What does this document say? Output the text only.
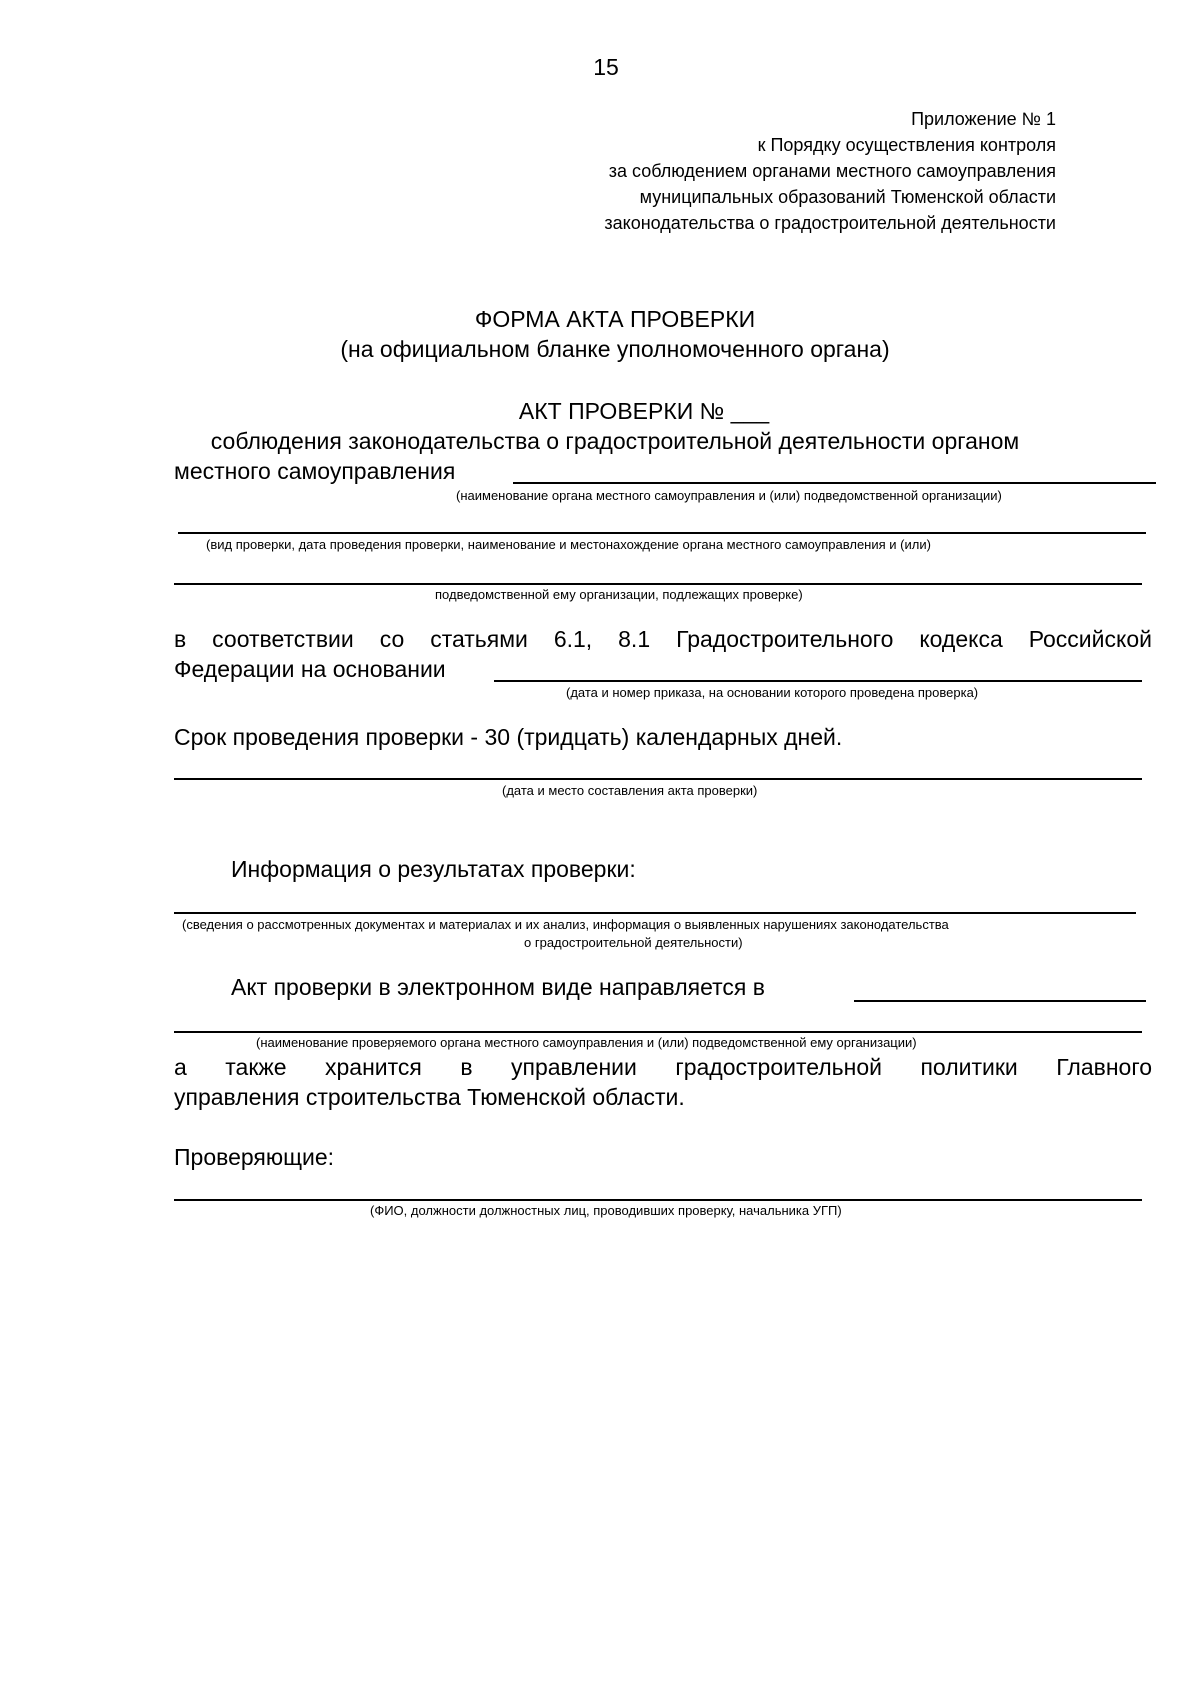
15
Приложение № 1
к Порядку осуществления контроля
за соблюдением органами местного самоуправления
муниципальных образований Тюменской области
законодательства о градостроительной деятельности
ФОРМА АКТА ПРОВЕРКИ
(на официальном бланке уполномоченного органа)
АКТ ПРОВЕРКИ № ___
соблюдения законодательства о градостроительной деятельности органом
местного самоуправления
(наименование органа местного самоуправления и (или) подведомственной организации)
(вид проверки, дата проведения проверки, наименование и местонахождение органа местного самоуправления и (или)
подведомственной ему организации, подлежащих проверке)
в соответствии со статьями 6.1, 8.1 Градостроительного кодекса Российской
Федерации на основании
(дата и номер приказа, на основании которого проведена проверка)
Срок проведения проверки - 30 (тридцать) календарных дней.
(дата и место составления акта проверки)
Информация о результатах проверки:
(сведения о рассмотренных документах и материалах и их анализ, информация о выявленных нарушениях законодательства
о градостроительной деятельности)
Акт проверки в электронном виде направляется в
(наименование проверяемого органа местного самоуправления и (или) подведомственной ему организации)
а также хранится в управлении градостроительной политики Главного
управления строительства Тюменской области.
Проверяющие:
(ФИО, должности должностных лиц, проводивших проверку, начальника УГП)
